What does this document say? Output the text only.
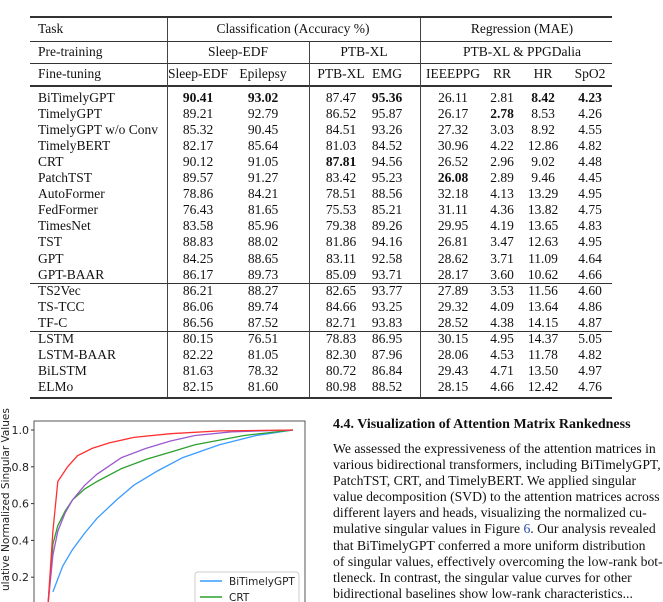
Task	Classification (Accuracy %)	Regression (MAE)
Pre-training	Sleep-EDF	PTB-XL	PTB-XL & PPGDalia
Fine-tuning	Sleep-EDF Epilepsy PTB-XL EMG IEEEPPG RR HR SpO2
BiTimelyGPT	90.41	93.02	87.47 95.36	26.11 2.81 8.42 4.23
TimelyGPT	89.21	92.79	86.52 95.87	26.17 2.78 8.53 4.26
TimelyGPT w/o Conv 85.32	90.45	84.51 93.26	27.32 3.03 8.92 4.55
TimelyBERT	82.17	85.64	81.03 84.52	30.96 4.22 12.86 4.82
CRT	90.12	91.05	87.81 94.56	26.52 2.96 9.02 4.48
PatchTST	89.57	91.27	83.42 95.23	26.08 2.89 9.46 4.45
AutoFormer	78.86	84.21	78.51 88.56	32.18 4.13 13.29 4.95
FedFormer	76.43	81.65	75.53 85.21	31.11 4.36 13.82 4.75
TimesNet	83.58	85.96	79.38 89.26	29.95 4.19 13.65 4.83
TST	88.83	88.02	81.86 94.16	26.81 3.47 12.63 4.95
GPT	84.25	88.65	83.11 92.58	28.62 3.71 11.09 4.64
GPT-BAAR	86.17	89.73	85.09 93.71	28.17 3.60 10.62 4.66
TS2Vec	86.21	88.27	82.65 93.77	27.89 3.53 11.56 4.60
TS-TCC	86.06	89.74	84.66 93.25	29.32 4.09 13.64 4.86
TF-C	86.56	87.52	82.71 93.83	28.52 4.38 14.15 4.87
LSTM	80.15	76.51	78.83 86.95	30.15 4.95 14.37 5.05
LSTM-BAAR	82.22	81.05	82.30 87.96	28.06 4.53 11.78 4.82
BiLSTM	81.63	78.32	80.72 86.84	29.43 4.71 13.50 4.97
ELMo	82.15	81.60	80.98 88.52	28.15 4.66 12.42 4.76
1.0
0.8
0.6
0.4
0.2
ulative Normalized Singular Values	BiTimelyGPT
CRT
4.4. Visualization of Attention Matrix Rankedness
We assessed the expressiveness of the attention matrices in
various bidirectional transformers, including BiTimelyGPT,
PatchTST, CRT, and TimelyBERT. We applied singular
value decomposition (SVD) to the attention matrices across
different layers and heads, visualizing the normalized cu-
mulative singular values in Figure 6. Our analysis revealed
that BiTimelyGPT conferred a more uniform distribution
of singular values, effectively overcoming the low-rank bot-
tleneck. In contrast, the singular value curves for other
bidirectional baselines show low-rank characteristics...
